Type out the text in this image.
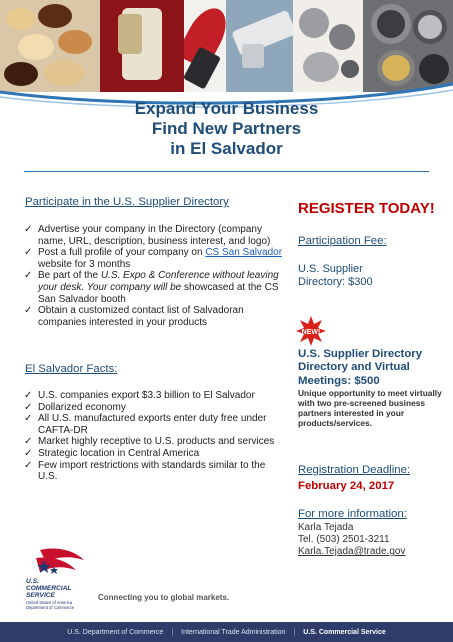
Expand Your Business
Find New Partners
in El Salvador
Participate in the U.S. Supplier Directory
✓ Advertise your company in the Directory (company name, URL, description, business interest, and logo)
✓ Post a full profile of your company on CS San Salvador website for 3 months
✓ Be part of the U.S. Expo & Conference without leaving your desk. Your company will be showcased at the CS San Salvador booth
✓ Obtain a customized contact list of Salvadoran companies interested in your products
El Salvador Facts:
✓ U.S. companies export $3.3 billion to El Salvador
✓ Dollarized economy
✓ All U.S. manufactured exports enter duty free under CAFTA-DR
✓ Market highly receptive to U.S. products and services
✓ Strategic location in Central America
✓ Few import restrictions with standards similar to the U.S.
REGISTER TODAY!
Participation Fee:
U.S. Supplier
Directory: $300
NEW!
U.S. Supplier Directory
Directory and Virtual
Meetings: $500
Unique opportunity to meet virtually with two pre-screened business partners interested in your products/services.
Registration Deadline:
February 24, 2017
For more information:
Karla Tejada
Tel. (503) 2501-3211
Karla.Tejada@trade.gov
U.S.
COMMERCIAL
SERVICE
United States of America
Department of Commerce
Connecting you to global markets.
U.S. Department of Commerce | International Trade Administration | U.S. Commercial Service
